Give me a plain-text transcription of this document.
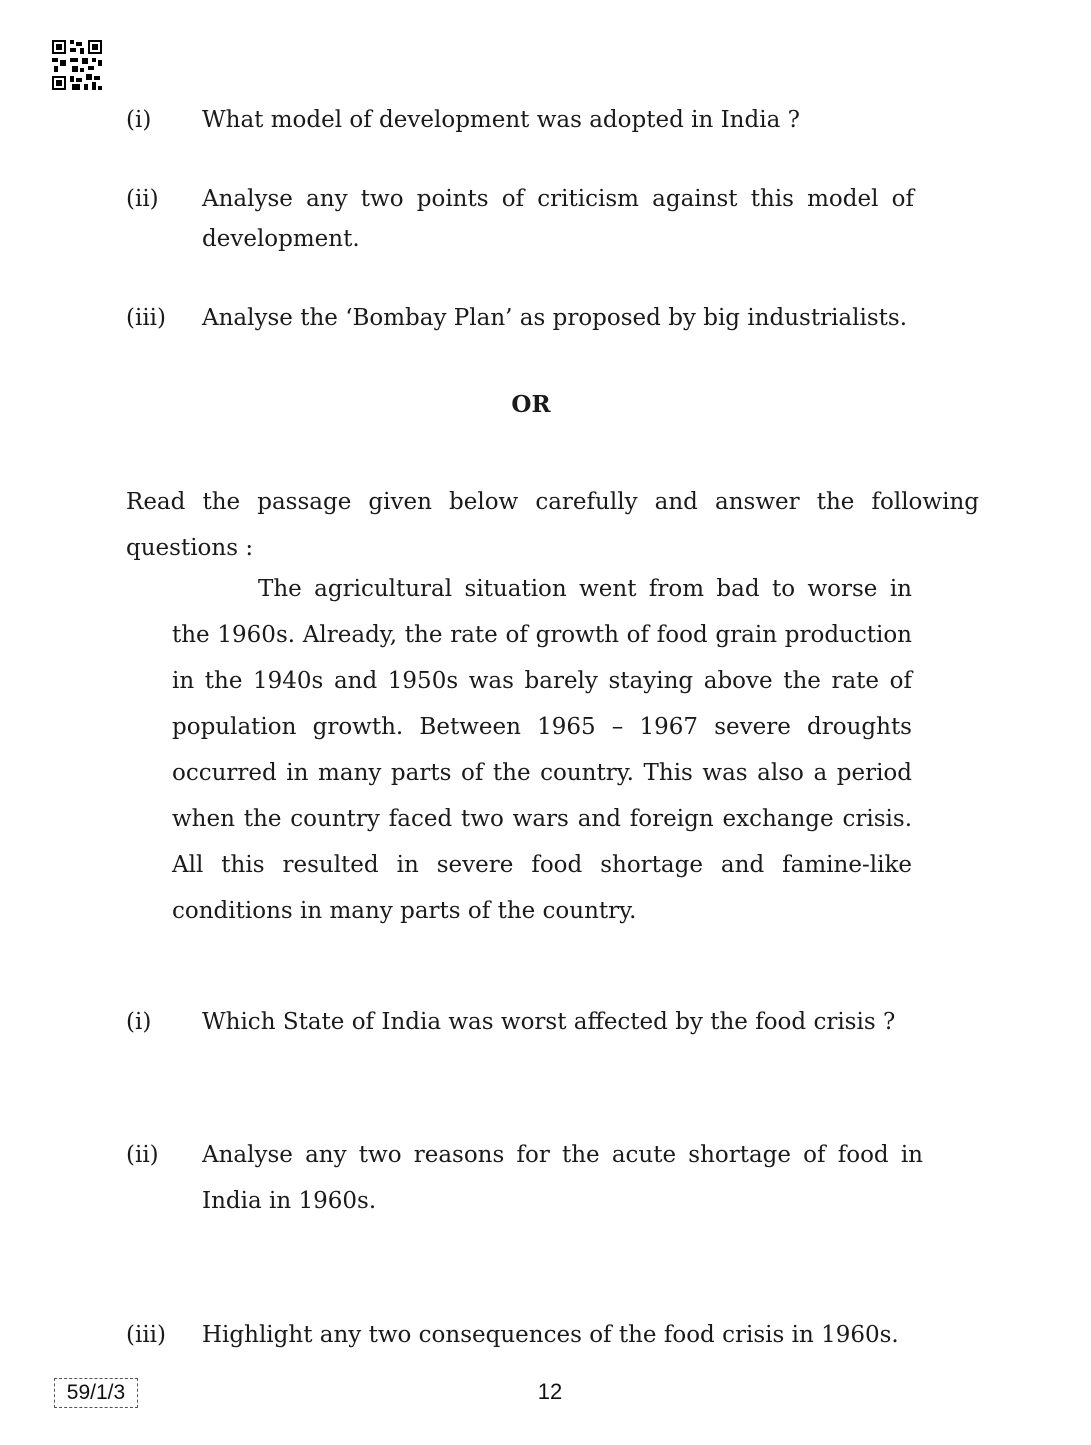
(i) What model of development was adopted in India ?
(ii) Analyse any two points of criticism against this model of development.
(iii) Analyse the ‘Bombay Plan’ as proposed by big industrialists.
OR
Read the passage given below carefully and answer the following questions :
The agricultural situation went from bad to worse in the 1960s. Already, the rate of growth of food grain production in the 1940s and 1950s was barely staying above the rate of population growth. Between 1965 – 1967 severe droughts occurred in many parts of the country. This was also a period when the country faced two wars and foreign exchange crisis. All this resulted in severe food shortage and famine-like conditions in many parts of the country.
(i) Which State of India was worst affected by the food crisis ?
(ii) Analyse any two reasons for the acute shortage of food in India in 1960s.
(iii) Highlight any two consequences of the food crisis in 1960s.
59/1/3	12
